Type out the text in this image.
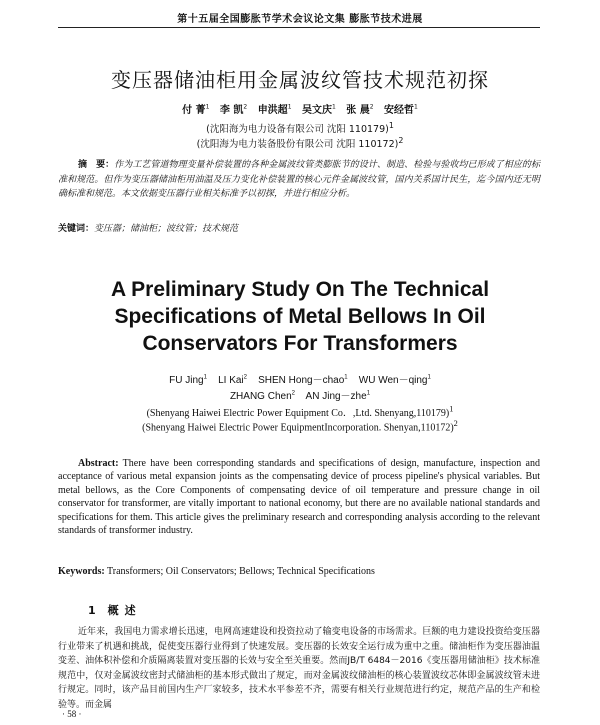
第十五届全国膨胀节学术会议论文集 膨胀节技术进展
变压器储油柜用金属波纹管技术规范初探
付 菁$^1$ 李 凯$^2$ 申洪超$^1$ 吴文庆$^1$ 张 晨$^2$ 安经哲$^1$
(沈阳海为电力设备有限公司 沈阳 110179)$^1$
(沈阳海为电力装备股份有限公司 沈阳 110172)$^2$
摘　要：作为工艺管道物理变量补偿装置的各种金属波纹管类膨胀节的设计、制造、检验与验收均已形成了相应的标准和规范。但作为变压器储油柜用油温及压力变化补偿装置的核心元件金属波纹管，国内关系国计民生，迄今国内还无明确标准和规范。本文依据变压器行业相关标准予以初探，并进行相应分析。
关键词：变压器；储油柜；波纹管；技术规范
A Preliminary Study On The Technical
Specifications of Metal Bellows In Oil
Conservators For Transformers
FU Jing$^1$ LI Kai$^2$ SHEN Hong－chao$^1$ WU Wen－qing$^1$
ZHANG Chen$^2$ AN Jing－zhe$^1$
(Shenyang Haiwei Electric Power Equipment Co．,Ltd. Shenyang,110179)$^1$
(Shenyang Haiwei Electric Power EquipmentIncorporation. Shenyan,110172)$^2$
Abstract: There have been corresponding standards and specifications of design, manufacture, inspection and acceptance of various metal expansion joints as the compensating device of process pipeline's physical variables. But metal bellows, as the Core Components of compensating device of oil temperature and pressure change in oil conservator for transformer, are vitally important to national economy, but there are no available national standards and specifications for them. This article gives the preliminary research and corresponding analysis according to the relevant standards of transformer industry.
Keywords: Transformers; Oil Conservators; Bellows; Technical Specifications
1 概述
近年来，我国电力需求增长迅速，电网高速建设和投资拉动了输变电设备的市场需求。巨额的电力建设投资给变压器行业带来了机遇和挑战，促使变压器行业得到了快速发展。变压器的长效安全运行成为重中之重。储油柜作为变压器油温变差、油体积补偿和介质隔离装置对变压器的长效与安全至关重要。然而JB/T 6484－2016《变压器用储油柜》技术标准规范中，仅对金属波纹密封式储油柜的基本形式做出了规定，而对金属波纹储油柜的核心装置波纹芯体即金属波纹管未进行规定。同时，该产品目前国内生产厂家较多，技术水平参差不齐，需要有相关行业规范进行约定，规范产品的生产和检验等。而金属
· 58 ·
